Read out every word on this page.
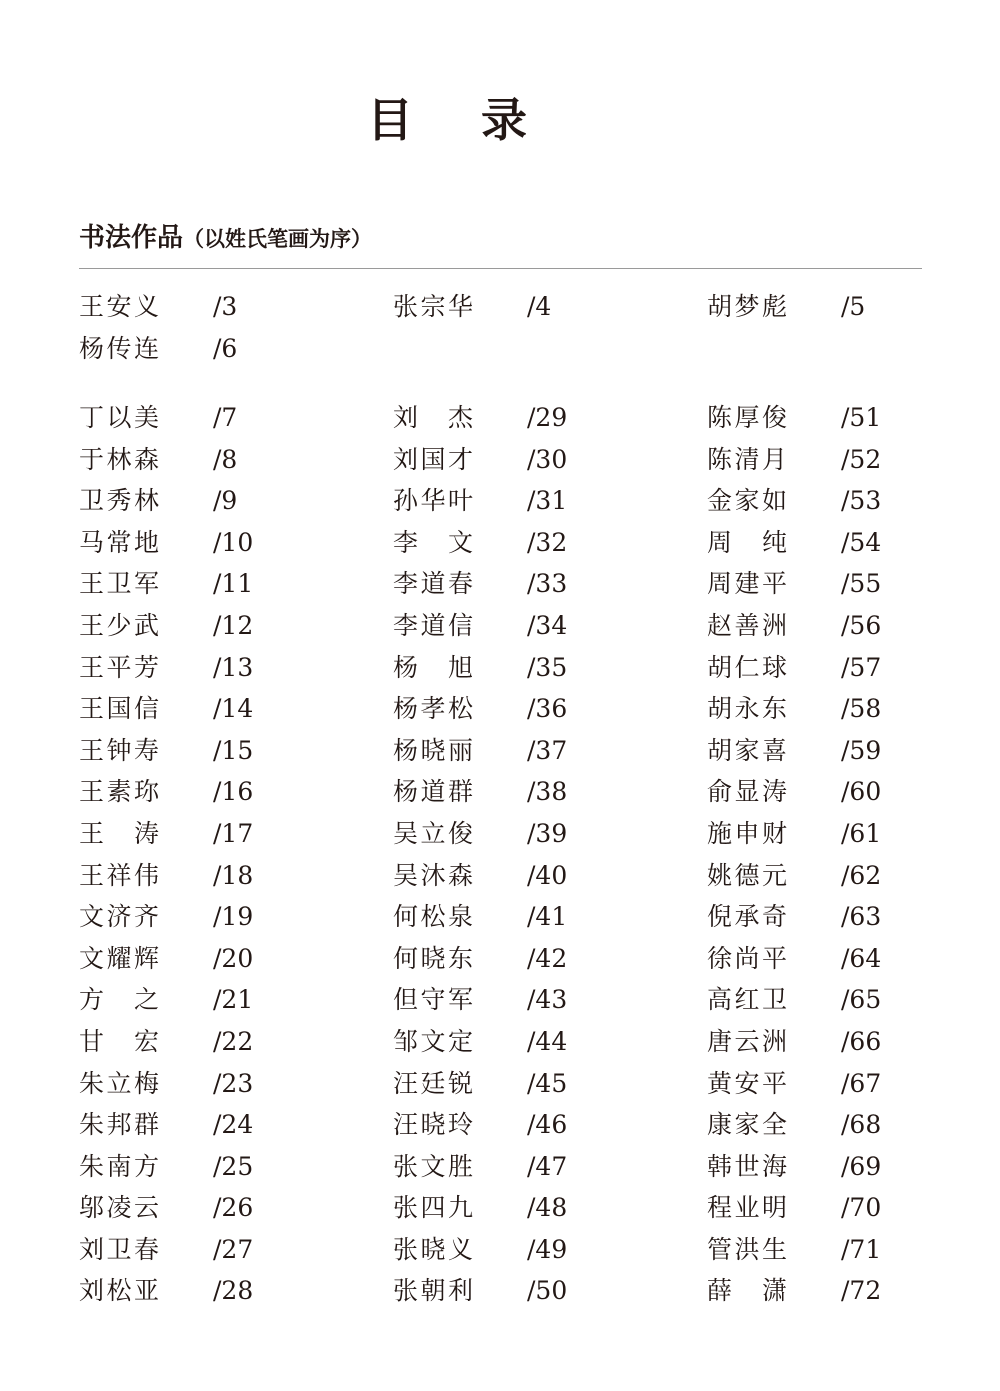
目 录
书法作品（以姓氏笔画为序）
王安义 /3	张宗华 /4	胡梦彪 /5
杨传连 /6
丁以美 /7	刘　杰 /29	陈厚俊 /51
于林森 /8	刘国才 /30	陈清月 /52
卫秀林 /9	孙华叶 /31	金家如 /53
马常地 /10	李　文 /32	周　纯 /54
王卫军 /11	李道春 /33	周建平 /55
王少武 /12	李道信 /34	赵善洲 /56
王平芳 /13	杨　旭 /35	胡仁球 /57
王国信 /14	杨孝松 /36	胡永东 /58
王钟寿 /15	杨晓丽 /37	胡家喜 /59
王素珎 /16	杨道群 /38	俞显涛 /60
王　涛 /17	吴立俊 /39	施申财 /61
王祥伟 /18	吴沐森 /40	姚德元 /62
文济齐 /19	何松泉 /41	倪承奇 /63
文耀辉 /20	何晓东 /42	徐尚平 /64
方　之 /21	但守军 /43	高红卫 /65
甘　宏 /22	邹文定 /44	唐云洲 /66
朱立梅 /23	汪廷锐 /45	黄安平 /67
朱邦群 /24	汪晓玲 /46	康家全 /68
朱南方 /25	张文胜 /47	韩世海 /69
邬凌云 /26	张四九 /48	程业明 /70
刘卫春 /27	张晓义 /49	管洪生 /71
刘松亚 /28	张朝利 /50	薛　潇 /72
